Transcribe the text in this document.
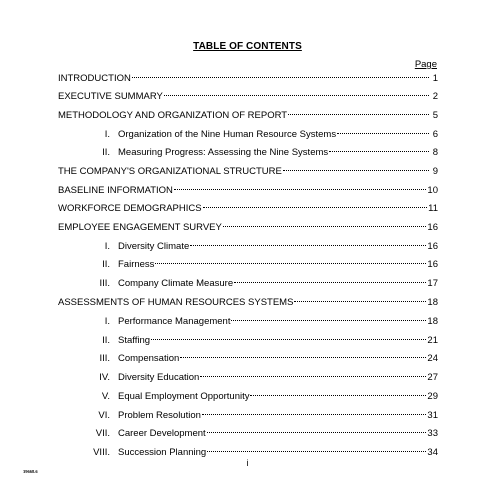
TABLE OF CONTENTS
Page
INTRODUCTION	1
EXECUTIVE SUMMARY	2
METHODOLOGY AND ORGANIZATION OF REPORT	5
I. Organization of the Nine Human Resource Systems	6
II. Measuring Progress: Assessing the Nine Systems	8
THE COMPANY'S ORGANIZATIONAL STRUCTURE	9
BASELINE INFORMATION	10
WORKFORCE DEMOGRAPHICS	11
EMPLOYEE ENGAGEMENT SURVEY	16
I. Diversity Climate	16
II. Fairness	16
III. Company Climate Measure	17
ASSESSMENTS OF HUMAN RESOURCES SYSTEMS	18
I. Performance Management	18
II. Staffing	21
III. Compensation	24
IV. Diversity Education	27
V. Equal Employment Opportunity	29
VI. Problem Resolution	31
VII. Career Development	33
VIII. Succession Planning	34
i
39668.6
